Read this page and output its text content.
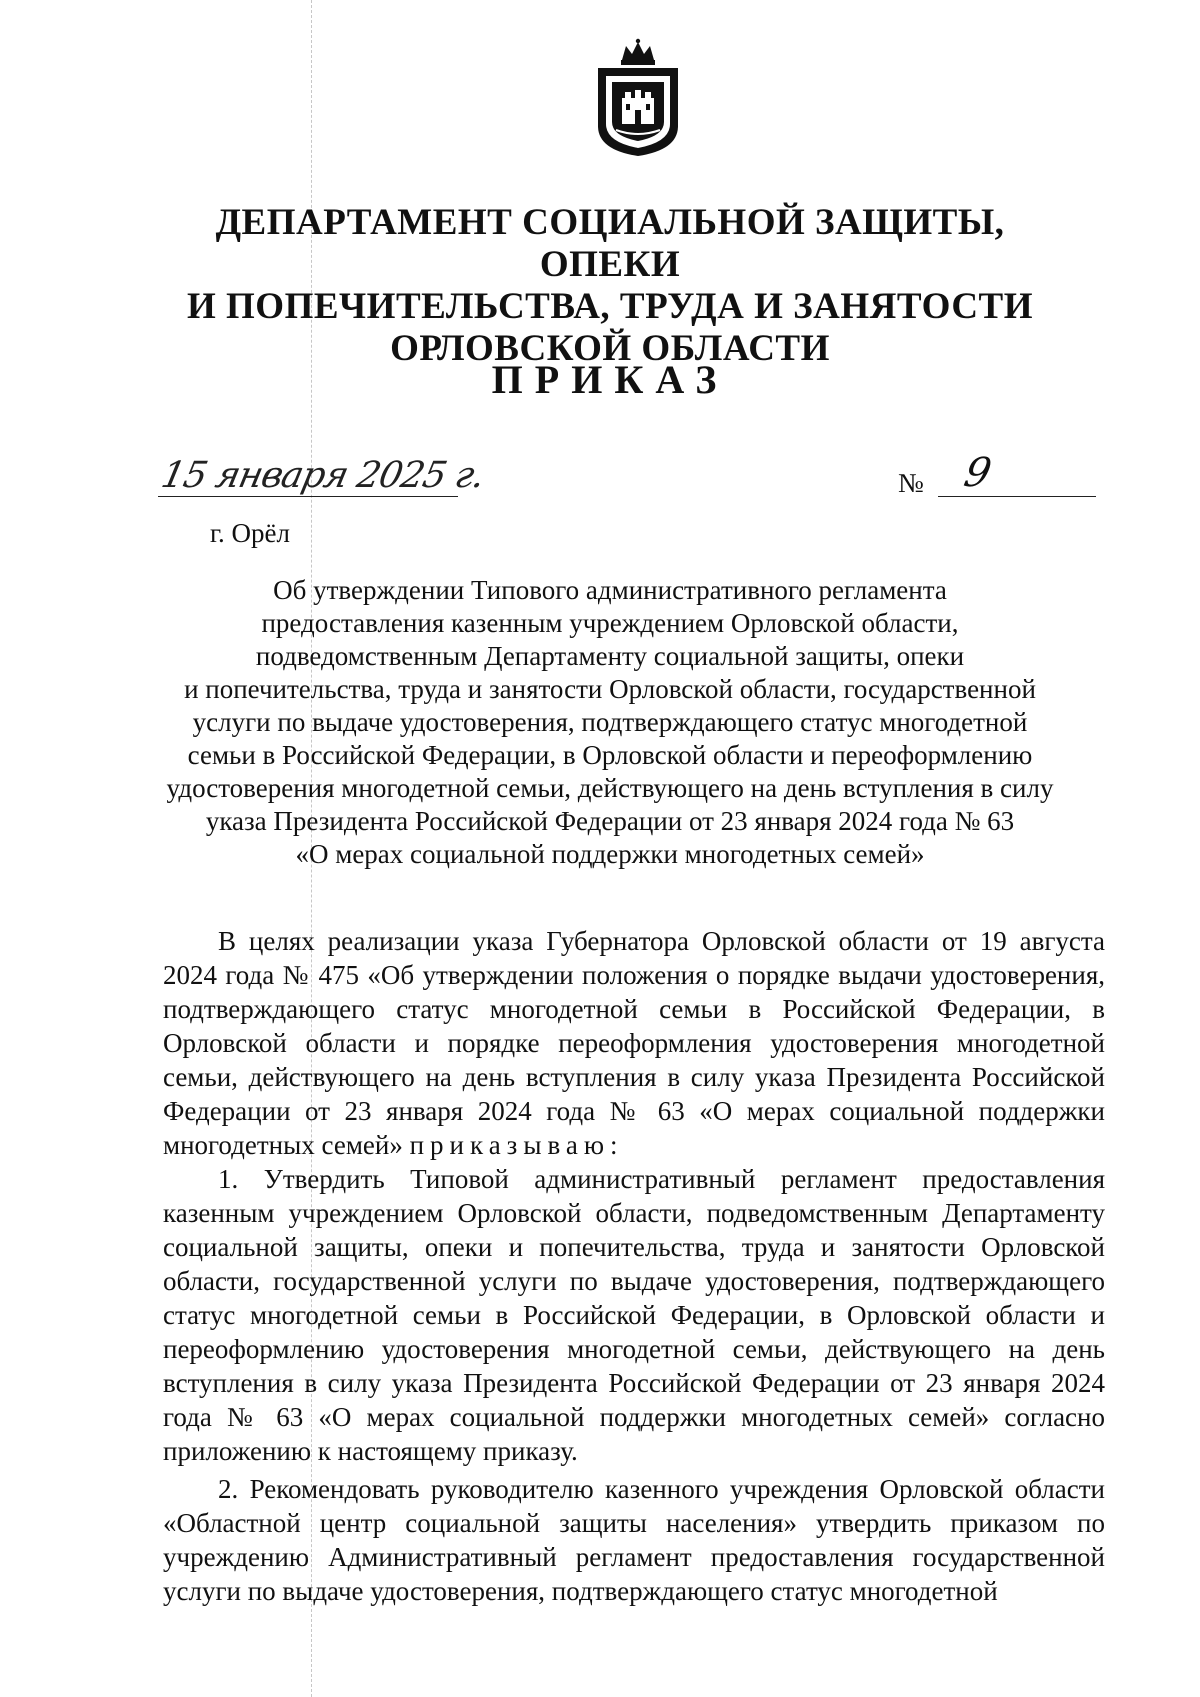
ДЕПАРТАМЕНТ СОЦИАЛЬНОЙ ЗАЩИТЫ, ОПЕКИ
И ПОПЕЧИТЕЛЬСТВА, ТРУДА И ЗАНЯТОСТИ
ОРЛОВСКОЙ ОБЛАСТИ
ПРИКАЗ
15 января 2025 г.	№ 9
г. Орёл
Об утверждении Типового административного регламента
предоставления казенным учреждением Орловской области,
подведомственным Департаменту социальной защиты, опеки
и попечительства, труда и занятости Орловской области, государственной
услуги по выдаче удостоверения, подтверждающего статус многодетной
семьи в Российской Федерации, в Орловской области и переоформлению
удостоверения многодетной семьи, действующего на день вступления в силу
указа Президента Российской Федерации от 23 января 2024 года № 63
«О мерах социальной поддержки многодетных семей»

В целях реализации указа Губернатора Орловской области от 19 августа 2024 года № 475 «Об утверждении положения о порядке выдачи удостоверения, подтверждающего статус многодетной семьи в Российской Федерации, в Орловской области и порядке переоформления удостоверения многодетной семьи, действующего на день вступления в силу указа Президента Российской Федерации от 23 января 2024 года № 63 «О мерах социальной поддержки многодетных семей» приказываю:

1. Утвердить Типовой административный регламент предоставления казенным учреждением Орловской области, подведомственным Департаменту социальной защиты, опеки и попечительства, труда и занятости Орловской области, государственной услуги по выдаче удостоверения, подтверждающего статус многодетной семьи в Российской Федерации, в Орловской области и переоформлению удостоверения многодетной семьи, действующего на день вступления в силу указа Президента Российской Федерации от 23 января 2024 года № 63 «О мерах социальной поддержки многодетных семей» согласно приложению к настоящему приказу.

2. Рекомендовать руководителю казенного учреждения Орловской области «Областной центр социальной защиты населения» утвердить приказом по учреждению Административный регламент предоставления государственной услуги по выдаче удостоверения, подтверждающего статус многодетной
